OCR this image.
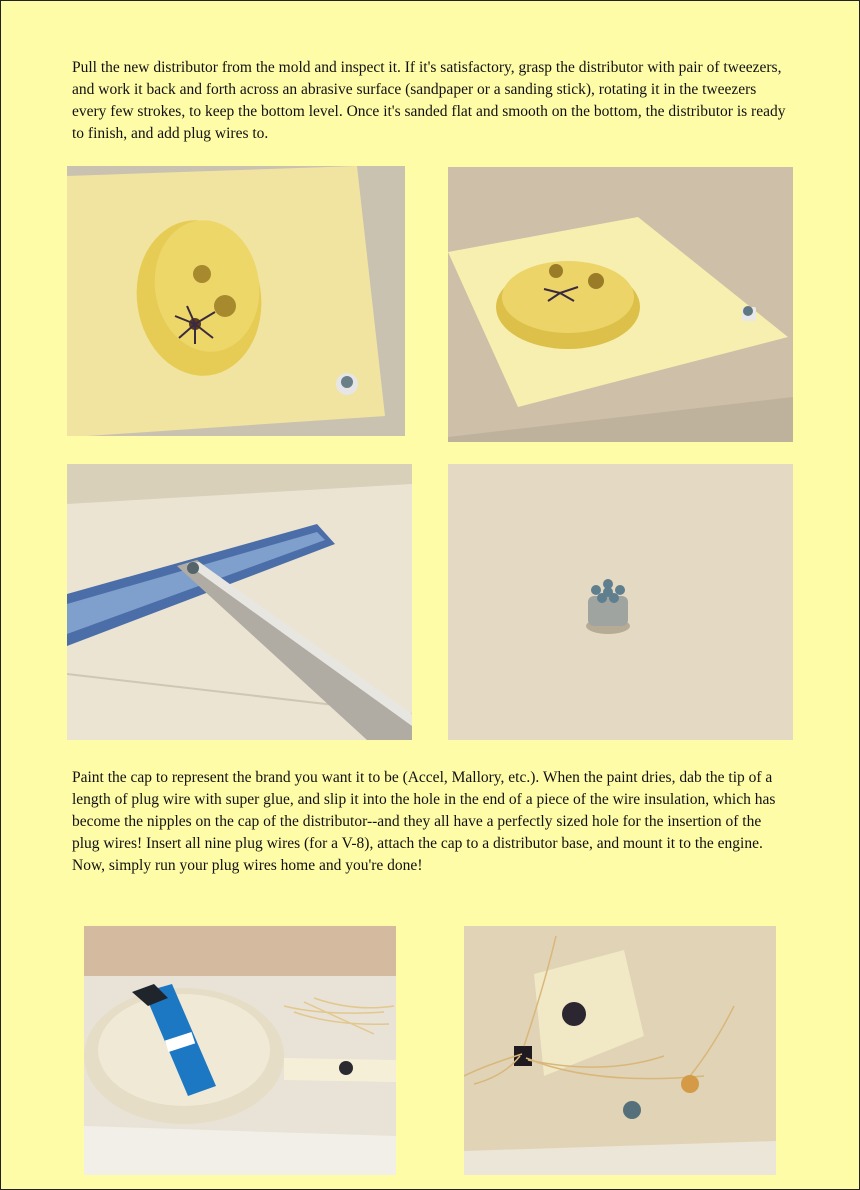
Pull the new distributor from the mold and inspect it. If it's satisfactory, grasp the distributor with pair of tweezers, and work it back and forth across an abrasive surface (sandpaper or a sanding stick), rotating it in the tweezers every few strokes, to keep the bottom level. Once it's sanded flat and smooth on the bottom, the distributor is ready to finish, and add plug wires to.

Paint the cap to represent the brand you want it to be (Accel, Mallory, etc.). When the paint dries, dab the tip of a length of plug wire with super glue, and slip it into the hole in the end of a piece of the wire insulation, which has become the nipples on the cap of the distributor--and they all have a perfectly sized hole for the insertion of the plug wires! Insert all nine plug wires (for a V-8), attach the cap to a distributor base, and mount it to the engine. Now, simply run your plug wires home and you're done!
